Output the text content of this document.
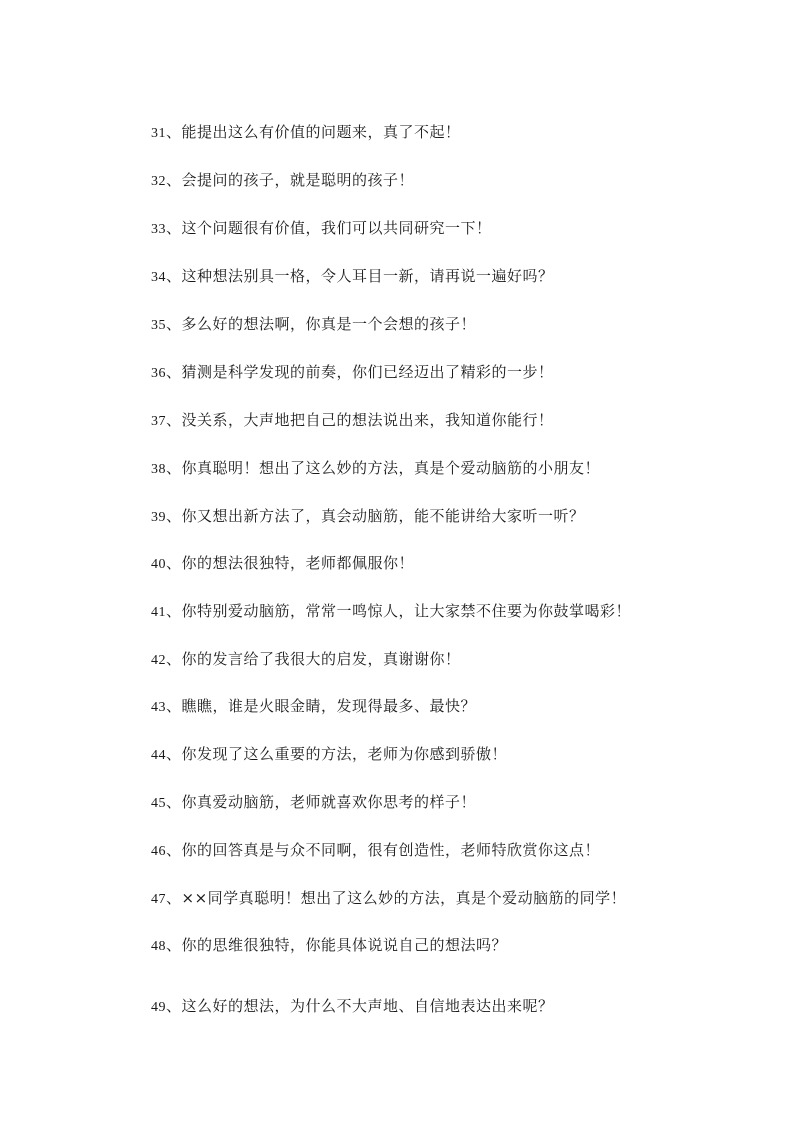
31、能提出这么有价值的问题来，真了不起！
32、会提问的孩子，就是聪明的孩子！
33、这个问题很有价值，我们可以共同研究一下！
34、这种想法别具一格，令人耳目一新，请再说一遍好吗？
35、多么好的想法啊，你真是一个会想的孩子！
36、猜测是科学发现的前奏，你们已经迈出了精彩的一步！
37、没关系，大声地把自己的想法说出来，我知道你能行！
38、你真聪明！想出了这么妙的方法，真是个爱动脑筋的小朋友！
39、你又想出新方法了，真会动脑筋，能不能讲给大家听一听？
40、你的想法很独特，老师都佩服你！
41、你特别爱动脑筋，常常一鸣惊人，让大家禁不住要为你鼓掌喝彩！
42、你的发言给了我很大的启发，真谢谢你！
43、瞧瞧，谁是火眼金睛，发现得最多、最快？
44、你发现了这么重要的方法，老师为你感到骄傲！
45、你真爱动脑筋，老师就喜欢你思考的样子！
46、你的回答真是与众不同啊，很有创造性，老师特欣赏你这点！
47、××同学真聪明！想出了这么妙的方法，真是个爱动脑筋的同学！
48、你的思维很独特，你能具体说说自己的想法吗？
49、这么好的想法，为什么不大声地、自信地表达出来呢？
